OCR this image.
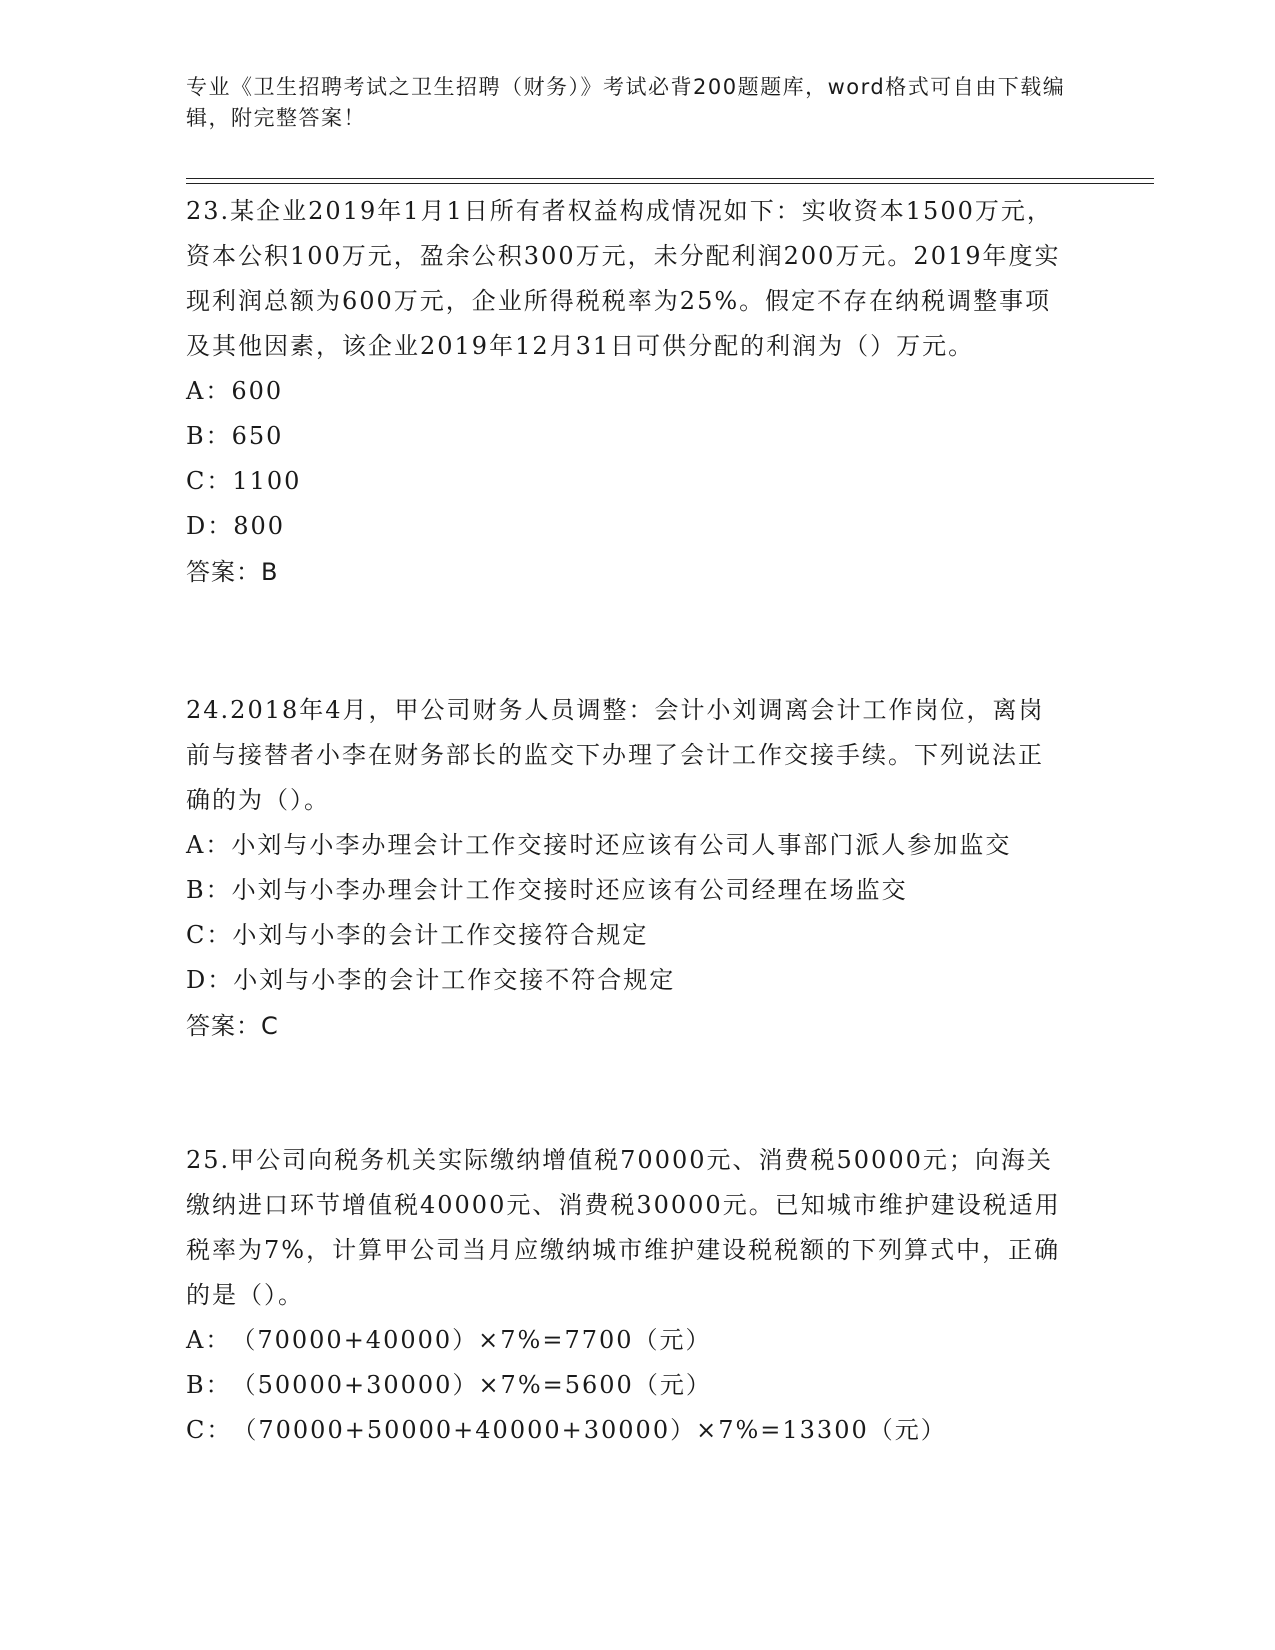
专业《卫生招聘考试之卫生招聘（财务）》考试必背200题题库，word格式可自由下载编辑，附完整答案！

23.某企业2019年1月1日所有者权益构成情况如下：实收资本1500万元，资本公积100万元，盈余公积300万元，未分配利润200万元。2019年度实现利润总额为600万元，企业所得税税率为25%。假定不存在纳税调整事项及其他因素，该企业2019年12月31日可供分配的利润为（）万元。

A：600

B：650

C：1100

D：800

答案：B

24.2018年4月，甲公司财务人员调整：会计小刘调离会计工作岗位，离岗前与接替者小李在财务部长的监交下办理了会计工作交接手续。下列说法正确的为（）。

A：小刘与小李办理会计工作交接时还应该有公司人事部门派人参加监交

B：小刘与小李办理会计工作交接时还应该有公司经理在场监交

C：小刘与小李的会计工作交接符合规定

D：小刘与小李的会计工作交接不符合规定

答案：C

25.甲公司向税务机关实际缴纳增值税70000元、消费税50000元；向海关缴纳进口环节增值税40000元、消费税30000元。已知城市维护建设税适用税率为7%，计算甲公司当月应缴纳城市维护建设税税额的下列算式中，正确的是（）。

A：（70000+40000）×7%=7700（元）

B：（50000+30000）×7%=5600（元）

C：（70000+50000+40000+30000）×7%=13300（元）
